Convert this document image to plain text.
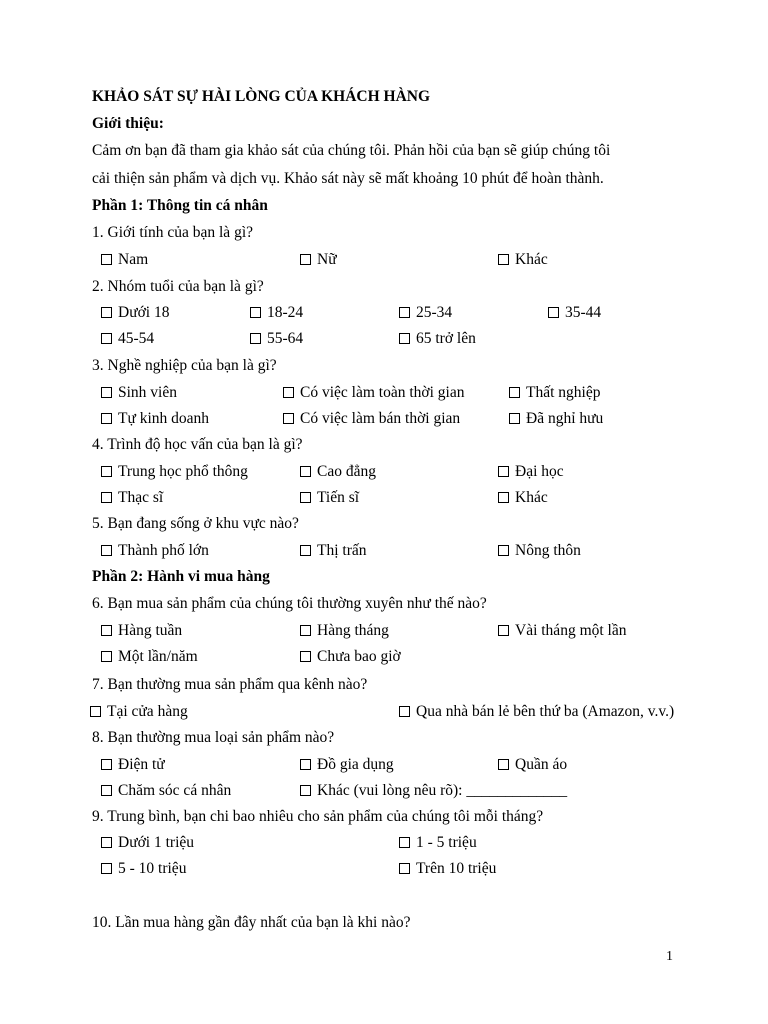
KHẢO SÁT SỰ HÀI LÒNG CỦA KHÁCH HÀNG
Giới thiệu:
Cảm ơn bạn đã tham gia khảo sát của chúng tôi. Phản hồi của bạn sẽ giúp chúng tôi
cải thiện sản phẩm và dịch vụ. Khảo sát này sẽ mất khoảng 10 phút để hoàn thành.
Phần 1: Thông tin cá nhân
1. Giới tính của bạn là gì?
Nam	Nữ	Khác
2. Nhóm tuổi của bạn là gì?
Dưới 18	18-24	25-34	35-44
45-54	55-64	65 trở lên
3. Nghề nghiệp của bạn là gì?
Sinh viên	Có việc làm toàn thời gian	Thất nghiệp
Tự kinh doanh	Có việc làm bán thời gian	Đã nghỉ hưu
4. Trình độ học vấn của bạn là gì?
Trung học phổ thông	Cao đẳng	Đại học
Thạc sĩ	Tiến sĩ	Khác
5. Bạn đang sống ở khu vực nào?
Thành phố lớn	Thị trấn	Nông thôn
Phần 2: Hành vi mua hàng
6. Bạn mua sản phẩm của chúng tôi thường xuyên như thế nào?
Hàng tuần	Hàng tháng	Vài tháng một lần
Một lần/năm	Chưa bao giờ
7. Bạn thường mua sản phẩm qua kênh nào?
Tại cửa hàng	Qua nhà bán lẻ bên thứ ba (Amazon, v.v.)
8. Bạn thường mua loại sản phẩm nào?
Điện tử	Đồ gia dụng	Quần áo
Chăm sóc cá nhân	Khác (vui lòng nêu rõ): _____________
9. Trung bình, bạn chi bao nhiêu cho sản phẩm của chúng tôi mỗi tháng?
Dưới 1 triệu	1 - 5 triệu
5 - 10 triệu	Trên 10 triệu
10. Lần mua hàng gần đây nhất của bạn là khi nào?
1
